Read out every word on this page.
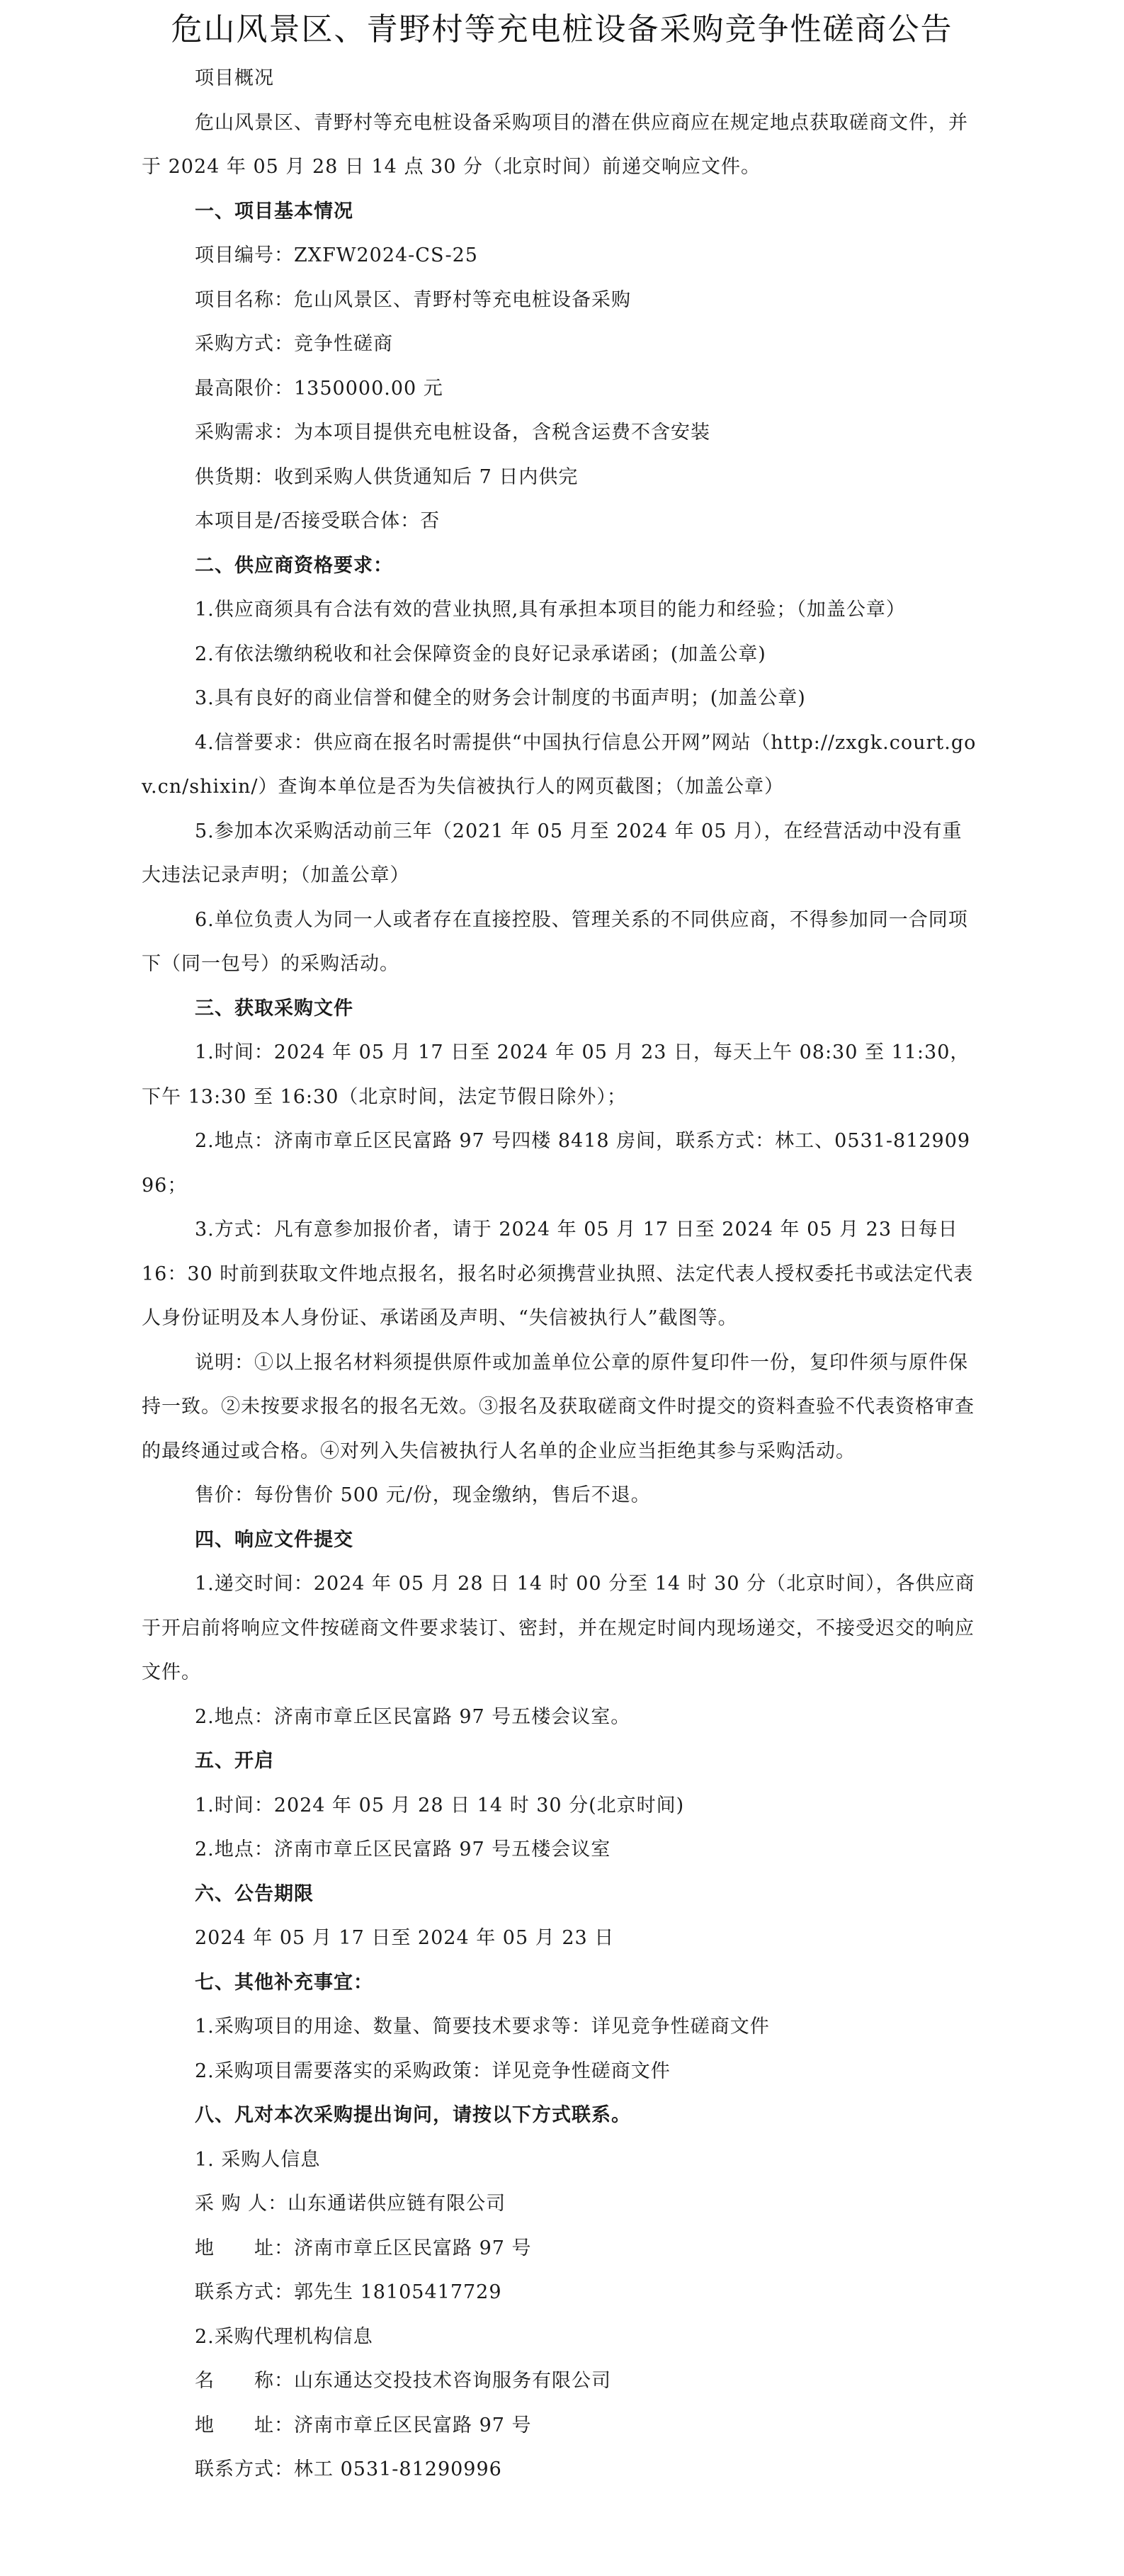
危山风景区、青野村等充电桩设备采购竞争性磋商公告

项目概况

危山风景区、青野村等充电桩设备采购项目的潜在供应商应在规定地点获取磋商文件，并于 2024 年 05 月 28 日 14 点 30 分（北京时间）前递交响应文件。

一、项目基本情况

项目编号：ZXFW2024-CS-25

项目名称：危山风景区、青野村等充电桩设备采购

采购方式：竞争性磋商

最高限价：1350000.00 元

采购需求：为本项目提供充电桩设备，含税含运费不含安装

供货期：收到采购人供货通知后 7 日内供完

本项目是/否接受联合体：否

二、供应商资格要求：

1.供应商须具有合法有效的营业执照,具有承担本项目的能力和经验；（加盖公章）

2.有依法缴纳税收和社会保障资金的良好记录承诺函；(加盖公章)

3.具有良好的商业信誉和健全的财务会计制度的书面声明；(加盖公章)

4.信誉要求：供应商在报名时需提供“中国执行信息公开网”网站（http://zxgk.court.gov.cn/shixin/）查询本单位是否为失信被执行人的网页截图；（加盖公章）

5.参加本次采购活动前三年（2021 年 05 月至 2024 年 05 月），在经营活动中没有重大违法记录声明；（加盖公章）

6.单位负责人为同一人或者存在直接控股、管理关系的不同供应商，不得参加同一合同项下（同一包号）的采购活动。

三、获取采购文件

1.时间：2024 年 05 月 17 日至 2024 年 05 月 23 日，每天上午 08:30 至 11:30，下午 13:30 至 16:30（北京时间，法定节假日除外）；

2.地点：济南市章丘区民富路 97 号四楼 8418 房间，联系方式：林工、0531-81290996；

3.方式：凡有意参加报价者，请于 2024 年 05 月 17 日至 2024 年 05 月 23 日每日 16：30 时前到获取文件地点报名，报名时必须携营业执照、法定代表人授权委托书或法定代表人身份证明及本人身份证、承诺函及声明、“失信被执行人”截图等。

说明：①以上报名材料须提供原件或加盖单位公章的原件复印件一份，复印件须与原件保持一致。②未按要求报名的报名无效。③报名及获取磋商文件时提交的资料查验不代表资格审查的最终通过或合格。④对列入失信被执行人名单的企业应当拒绝其参与采购活动。

售价：每份售价 500 元/份，现金缴纳，售后不退。

四、响应文件提交

1.递交时间：2024 年 05 月 28 日 14 时 00 分至 14 时 30 分（北京时间），各供应商于开启前将响应文件按磋商文件要求装订、密封，并在规定时间内现场递交，不接受迟交的响应文件。

2.地点：济南市章丘区民富路 97 号五楼会议室。

五、开启

1.时间：2024 年 05 月 28 日 14 时 30 分(北京时间)

2.地点：济南市章丘区民富路 97 号五楼会议室

六、公告期限

2024 年 05 月 17 日至 2024 年 05 月 23 日

七、其他补充事宜：

1.采购项目的用途、数量、简要技术要求等：详见竞争性磋商文件

2.采购项目需要落实的采购政策：详见竞争性磋商文件

八、凡对本次采购提出询问，请按以下方式联系。

1. 采购人信息

采 购 人：山东通诺供应链有限公司

地　　址：济南市章丘区民富路 97 号

联系方式：郭先生 18105417729

2.采购代理机构信息

名　　称：山东通达交投技术咨询服务有限公司

地　　址：济南市章丘区民富路 97 号

联系方式：林工 0531-81290996
